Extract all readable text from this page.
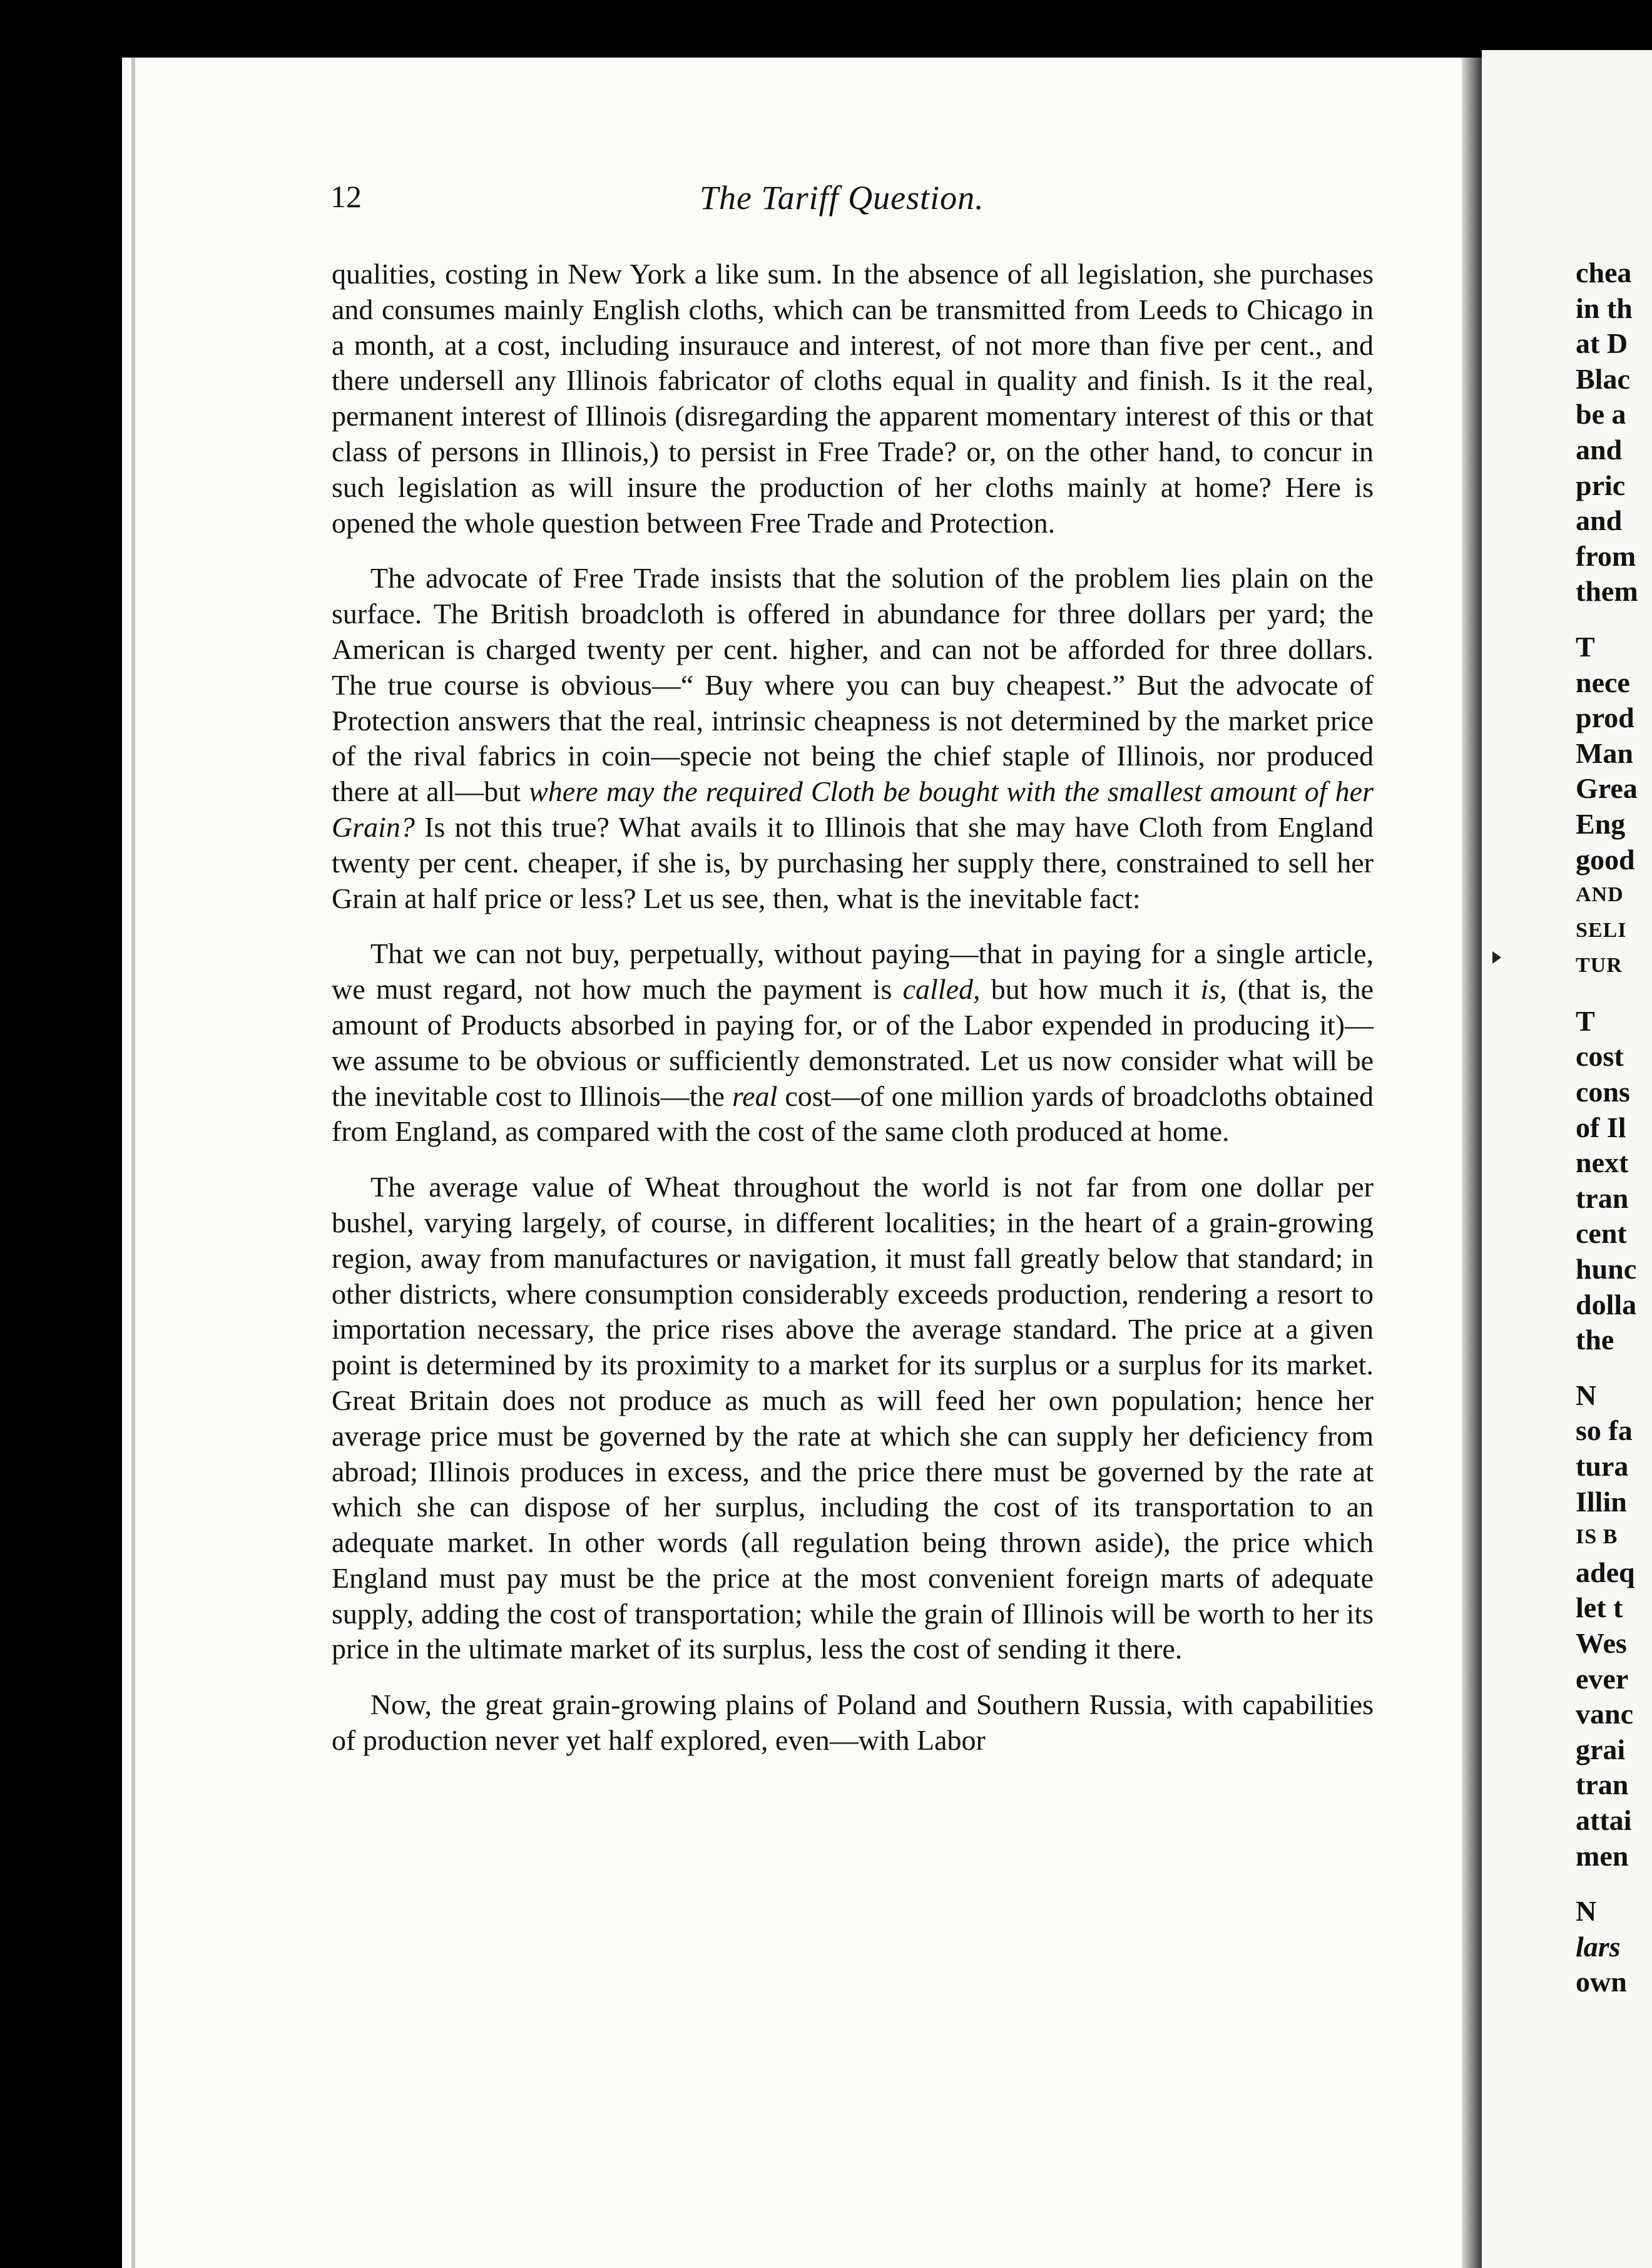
12	The Tariff Question.

qualities, costing in New York a like sum. In the absence of all legislation, she purchases and consumes mainly English cloths, which can be transmitted from Leeds to Chicago in a month, at a cost, including insurauce and interest, of not more than five per cent., and there undersell any Illinois fabricator of cloths equal in quality and finish. Is it the real, permanent interest of Illinois (disregarding the apparent momentary interest of this or that class of persons in Illinois,) to persist in Free Trade? or, on the other hand, to concur in such legislation as will insure the production of her cloths mainly at home? Here is opened the whole question between Free Trade and Protection.

The advocate of Free Trade insists that the solution of the problem lies plain on the surface. The British broadcloth is offered in abundance for three dollars per yard; the American is charged twenty per cent. higher, and can not be afforded for three dollars. The true course is obvious—“ Buy where you can buy cheapest.” But the advocate of Protection answers that the real, intrinsic cheapness is not determined by the market price of the rival fabrics in coin—specie not being the chief staple of Illinois, nor produced there at all—but where may the required Cloth be bought with the smallest amount of her Grain? Is not this true? What avails it to Illinois that she may have Cloth from England twenty per cent. cheaper, if she is, by purchasing her supply there, constrained to sell her Grain at half price or less? Let us see, then, what is the inevitable fact:

That we can not buy, perpetually, without paying—that in paying for a single article, we must regard, not how much the payment is called, but how much it is, (that is, the amount of Products absorbed in paying for, or of the Labor expended in producing it)—we assume to be obvious or sufficiently demonstrated. Let us now consider what will be the inevitable cost to Illinois—the real cost—of one million yards of broadcloths obtained from England, as compared with the cost of the same cloth produced at home.

The average value of Wheat throughout the world is not far from one dollar per bushel, varying largely, of course, in different localities; in the heart of a grain-growing region, away from manufactures or navigation, it must fall greatly below that standard; in other districts, where consumption considerably exceeds production, rendering a resort to importation necessary, the price rises above the average standard. The price at a given point is determined by its proximity to a market for its surplus or a surplus for its market. Great Britain does not produce as much as will feed her own population; hence her average price must be governed by the rate at which she can supply her deficiency from abroad; Illinois produces in excess, and the price there must be governed by the rate at which she can dispose of her surplus, including the cost of its transportation to an adequate market. In other words (all regulation being thrown aside), the price which England must pay must be the price at the most convenient foreign marts of adequate supply, adding the cost of transportation; while the grain of Illinois will be worth to her its price in the ultimate market of its surplus, less the cost of sending it there.

Now, the great grain-growing plains of Poland and Southern Russia, with capabilities of production never yet half explored, even—with Labor

chea
in th
at D
Blac
be a
and
pric
and
from
them
T
nece
prod
Man
Grea
Eng
good
AND
SELI
TUR
T
cost
cons
of Il
next
tran
cent
hunc
dolla
the
N
so fa
tura
Illin
IS B
adeq
let t
Wes
ever
vanc
grai
tran
attai
men
N
lars
own
